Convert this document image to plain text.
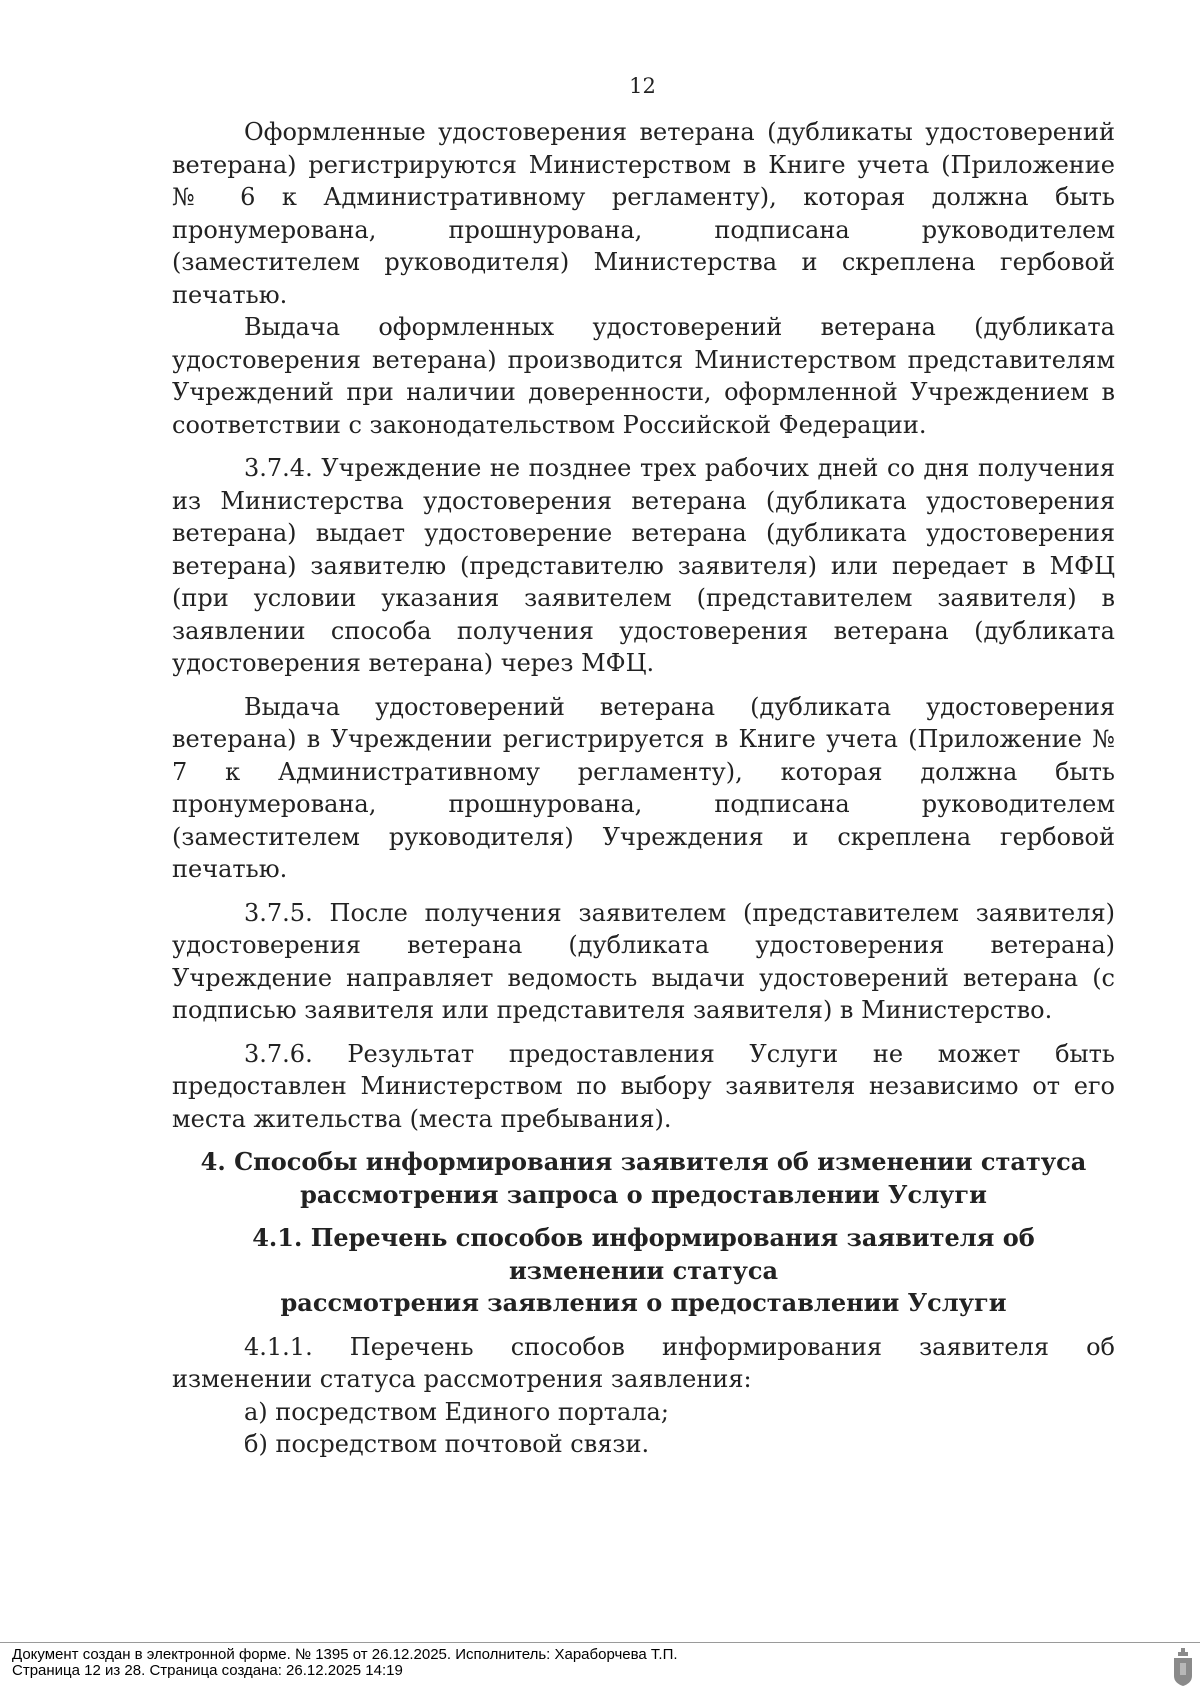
12

Оформленные удостоверения ветерана (дубликаты удостоверений ветерана) регистрируются Министерством в Книге учета (Приложение № 6 к Административному регламенту), которая должна быть пронумерована, прошнурована, подписана руководителем (заместителем руководителя) Министерства и скреплена гербовой печатью.

Выдача оформленных удостоверений ветерана (дубликата удостоверения ветерана) производится Министерством представителям Учреждений при наличии доверенности, оформленной Учреждением в соответствии с законодательством Российской Федерации.

3.7.4. Учреждение не позднее трех рабочих дней со дня получения из Министерства удостоверения ветерана (дубликата удостоверения ветерана) выдает удостоверение ветерана (дубликата удостоверения ветерана) заявителю (представителю заявителя) или передает в МФЦ (при условии указания заявителем (представителем заявителя) в заявлении способа получения удостоверения ветерана (дубликата удостоверения ветерана) через МФЦ.

Выдача удостоверений ветерана (дубликата удостоверения ветерана) в Учреждении регистрируется в Книге учета (Приложение № 7 к Административному регламенту), которая должна быть пронумерована, прошнурована, подписана руководителем (заместителем руководителя) Учреждения и скреплена гербовой печатью.

3.7.5. После получения заявителем (представителем заявителя) удостоверения ветерана (дубликата удостоверения ветерана) Учреждение направляет ведомость выдачи удостоверений ветерана (с подписью заявителя или представителя заявителя) в Министерство.

3.7.6. Результат предоставления Услуги не может быть предоставлен Министерством по выбору заявителя независимо от его места жительства (места пребывания).

4. Способы информирования заявителя об изменении статуса
рассмотрения запроса о предоставлении Услуги
4.1. Перечень способов информирования заявителя об изменении статуса
рассмотрения заявления о предоставлении Услуги

4.1.1. Перечень способов информирования заявителя об изменении статуса рассмотрения заявления:

а) посредством Единого портала;

б) посредством почтовой связи.

Документ создан в электронной форме. № 1395 от 26.12.2025. Исполнитель: Хараборчева Т.П.
Страница 12 из 28. Страница создана: 26.12.2025 14:19
